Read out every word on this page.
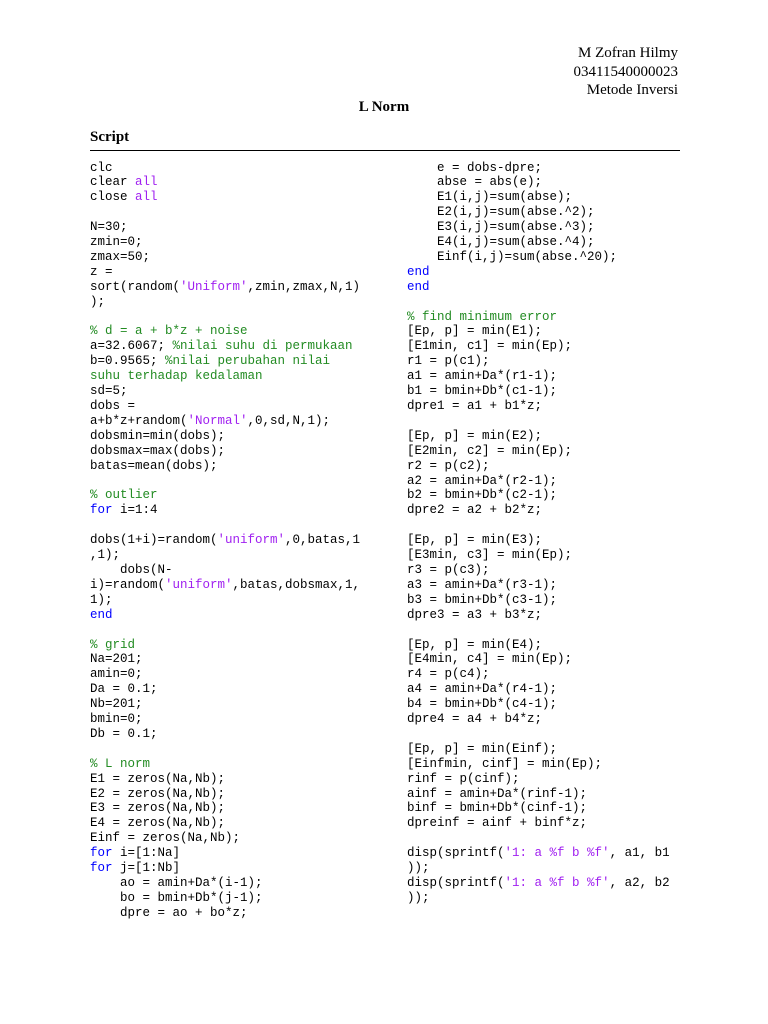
M Zofran Hilmy
03411540000023
Metode Inversi
L Norm
Script
clc
clear all
close all
N=30;
zmin=0;
zmax=50;
z =
sort(random('Uniform',zmin,zmax,N,1)
);
% d = a + b*z + noise
a=32.6067; %nilai suhu di permukaan
b=0.9565; %nilai perubahan nilai
suhu terhadap kedalaman
sd=5;
dobs =
a+b*z+random('Normal',0,sd,N,1);
dobsmin=min(dobs);
dobsmax=max(dobs);
batas=mean(dobs);
% outlier
for i=1:4
dobs(1+i)=random('uniform',0,batas,1
,1);
dobs(N-
i)=random('uniform',batas,dobsmax,1,
1);
end
% grid
Na=201;
amin=0;
Da = 0.1;
Nb=201;
bmin=0;
Db = 0.1;
% L norm
E1 = zeros(Na,Nb);
E2 = zeros(Na,Nb);
E3 = zeros(Na,Nb);
E4 = zeros(Na,Nb);
Einf = zeros(Na,Nb);
for i=[1:Na]
for j=[1:Nb]
ao = amin+Da*(i-1);
bo = bmin+Db*(j-1);
dpre = ao + bo*z;
e = dobs-dpre;
abse = abs(e);
E1(i,j)=sum(abse);
E2(i,j)=sum(abse.^2);
E3(i,j)=sum(abse.^3);
E4(i,j)=sum(abse.^4);
Einf(i,j)=sum(abse.^20);
end
end
% find minimum error
[Ep, p] = min(E1);
[E1min, c1] = min(Ep);
r1 = p(c1);
a1 = amin+Da*(r1-1);
b1 = bmin+Db*(c1-1);
dpre1 = a1 + b1*z;
[Ep, p] = min(E2);
[E2min, c2] = min(Ep);
r2 = p(c2);
a2 = amin+Da*(r2-1);
b2 = bmin+Db*(c2-1);
dpre2 = a2 + b2*z;
[Ep, p] = min(E3);
[E3min, c3] = min(Ep);
r3 = p(c3);
a3 = amin+Da*(r3-1);
b3 = bmin+Db*(c3-1);
dpre3 = a3 + b3*z;
[Ep, p] = min(E4);
[E4min, c4] = min(Ep);
r4 = p(c4);
a4 = amin+Da*(r4-1);
b4 = bmin+Db*(c4-1);
dpre4 = a4 + b4*z;
[Ep, p] = min(Einf);
[Einfmin, cinf] = min(Ep);
rinf = p(cinf);
ainf = amin+Da*(rinf-1);
binf = bmin+Db*(cinf-1);
dpreinf = ainf + binf*z;
disp(sprintf('1: a %f b %f', a1, b1
));
disp(sprintf('1: a %f b %f', a2, b2
));
